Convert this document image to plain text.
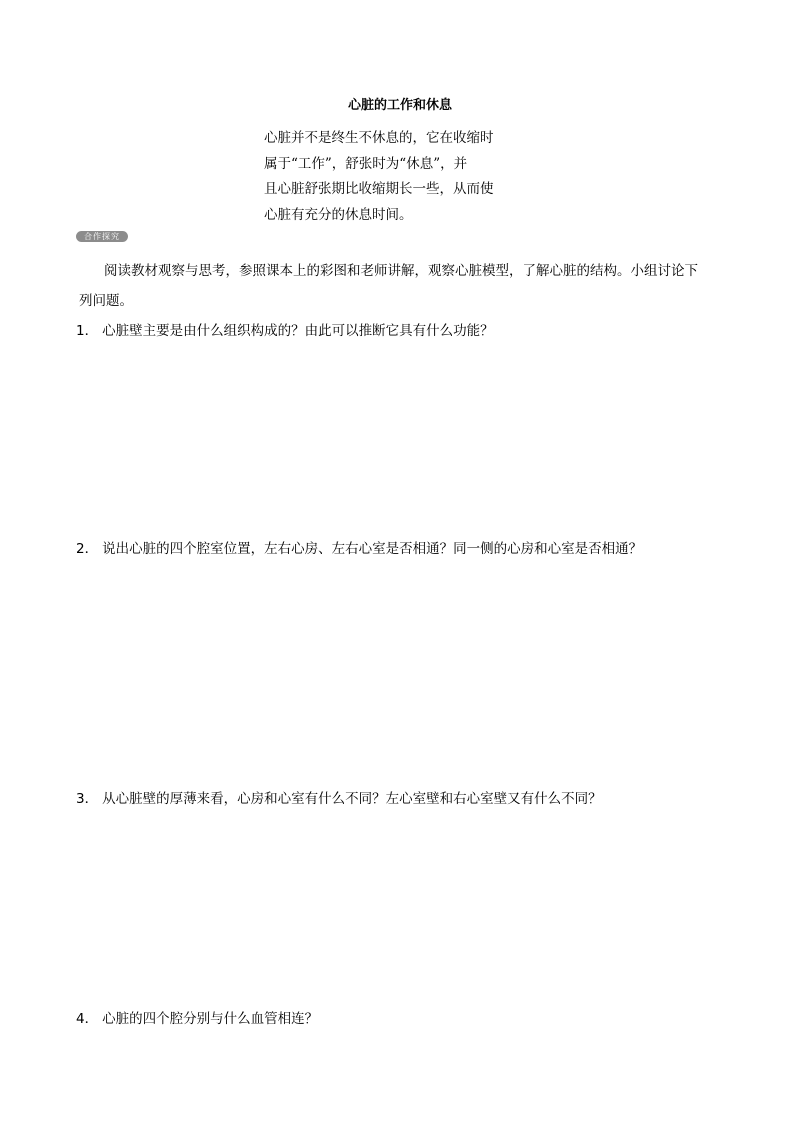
心脏的工作和休息
心脏并不是终生不休息的，它在收缩时
属于“工作”，舒张时为“休息”，并
且心脏舒张期比收缩期长一些，从而使
心脏有充分的休息时间。
合作探究
阅读教材观察与思考，参照课本上的彩图和老师讲解，观察心脏模型，了解心脏的结构。小组讨论下
列问题。
1． 心脏壁主要是由什么组织构成的？由此可以推断它具有什么功能？
2． 说出心脏的四个腔室位置，左右心房、左右心室是否相通？同一侧的心房和心室是否相通？
3． 从心脏壁的厚薄来看，心房和心室有什么不同？左心室壁和右心室壁又有什么不同？
4． 心脏的四个腔分别与什么血管相连？
